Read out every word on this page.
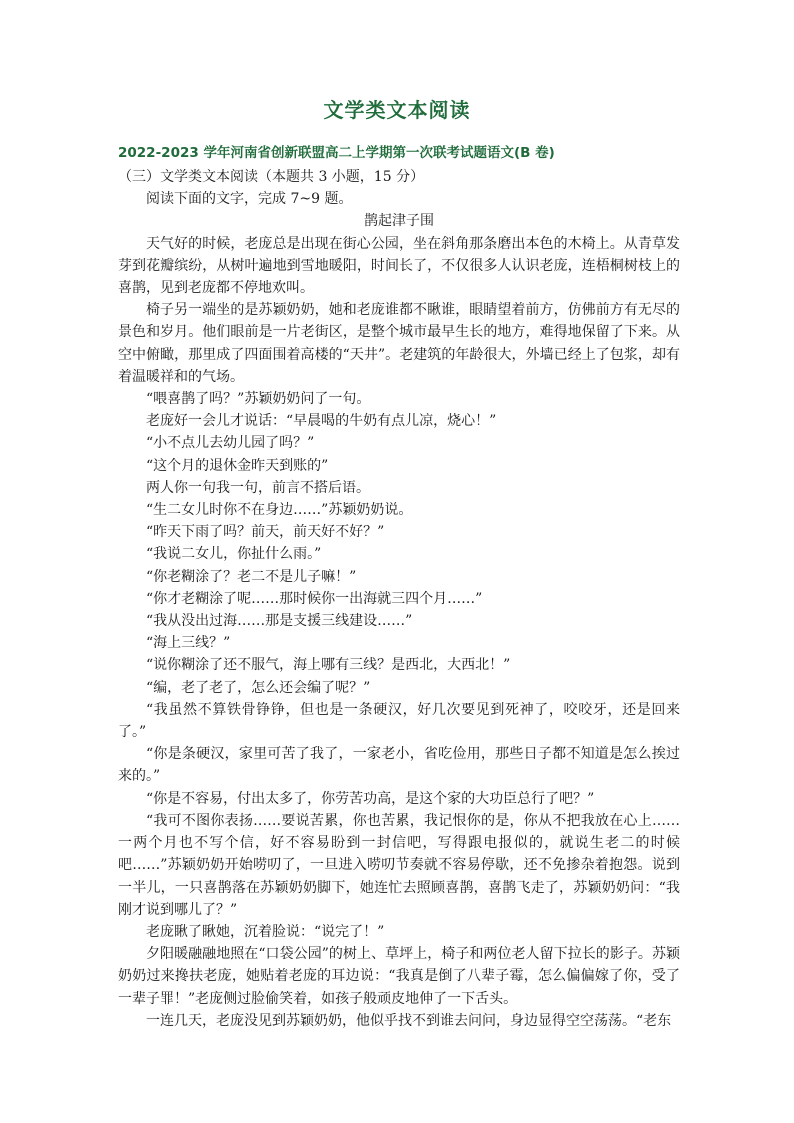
文学类文本阅读
2022-2023 学年河南省创新联盟高二上学期第一次联考试题语文(B 卷)

（三）文学类文本阅读（本题共 3 小题，15 分）

阅读下面的文字，完成 7~9 题。

鹊起津子围

天气好的时候，老庞总是出现在街心公园，坐在斜角那条磨出本色的木椅上。从青草发芽到花瓣缤纷，从树叶遍地到雪地暖阳，时间长了，不仅很多人认识老庞，连梧桐树枝上的喜鹊，见到老庞都不停地欢叫。

椅子另一端坐的是苏颖奶奶，她和老庞谁都不瞅谁，眼睛望着前方，仿佛前方有无尽的景色和岁月。他们眼前是一片老街区，是整个城市最早生长的地方，难得地保留了下来。从空中俯瞰，那里成了四面围着高楼的“天井”。老建筑的年龄很大，外墙已经上了包浆，却有着温暖祥和的气场。

“喂喜鹊了吗？”苏颖奶奶问了一句。

老庞好一会儿才说话：“早晨喝的牛奶有点儿凉，烧心！”

“小不点儿去幼儿园了吗？”

“这个月的退休金昨天到账的”

两人你一句我一句，前言不搭后语。

“生二女儿时你不在身边……”苏颖奶奶说。

“昨天下雨了吗？前天，前天好不好？”

“我说二女儿，你扯什么雨。”

“你老糊涂了？老二不是儿子嘛！”

“你才老糊涂了呢……那时候你一出海就三四个月……”

“我从没出过海……那是支援三线建设……”

“海上三线？”

“说你糊涂了还不服气，海上哪有三线？是西北，大西北！”

“编，老了老了，怎么还会编了呢？”

“我虽然不算铁骨铮铮，但也是一条硬汉，好几次要见到死神了，咬咬牙，还是回来了。”

“你是条硬汉，家里可苦了我了，一家老小，省吃俭用，那些日子都不知道是怎么挨过来的。”

“你是不容易，付出太多了，你劳苦功高，是这个家的大功臣总行了吧？”

“我可不图你表扬……要说苦累，你也苦累，我记恨你的是，你从不把我放在心上……一两个月也不写个信，好不容易盼到一封信吧，写得跟电报似的，就说生老二的时候吧……”苏颖奶奶开始唠叨了，一旦进入唠叨节奏就不容易停歇，还不免掺杂着抱怨。说到一半儿，一只喜鹊落在苏颖奶奶脚下，她连忙去照顾喜鹊，喜鹊飞走了，苏颖奶奶问：“我刚才说到哪儿了？”

老庞瞅了瞅她，沉着脸说：“说完了！”

夕阳暖融融地照在“口袋公园”的树上、草坪上，椅子和两位老人留下拉长的影子。苏颖奶奶过来搀扶老庞，她贴着老庞的耳边说：“我真是倒了八辈子霉，怎么偏偏嫁了你，受了一辈子罪！”老庞侧过脸偷笑着，如孩子般顽皮地伸了一下舌头。

一连几天，老庞没见到苏颖奶奶，他似乎找不到谁去问问，身边显得空空荡荡。“老东
